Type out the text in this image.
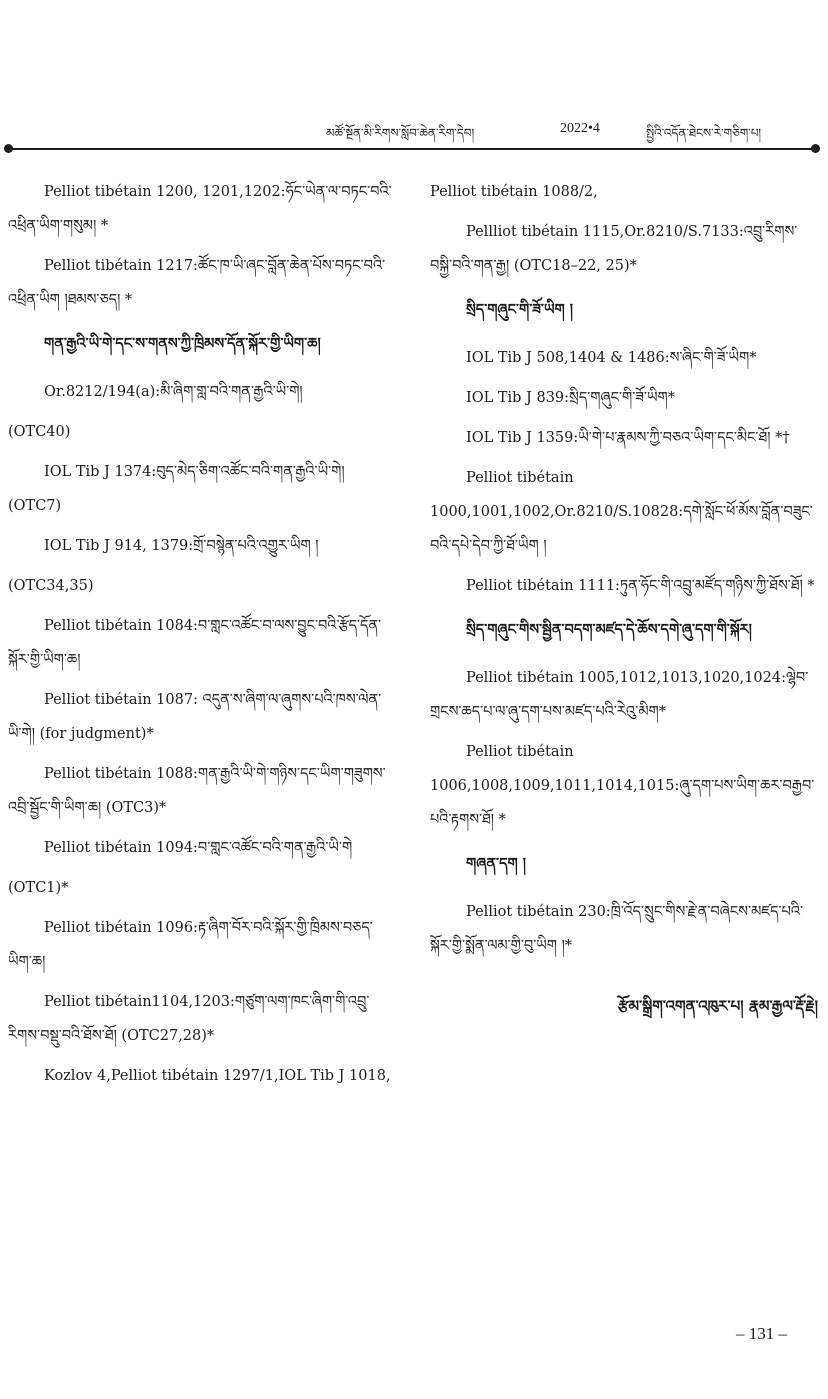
མཚོ་སྔོན་མི་རིགས་སློབ་ཆེན་རིག་དེབ།	2022•4	སྤྱིའི་འདོན་ཐེངས་རེ་གཅིག་པ།

Pelliot tibétain 1200, 1201,1202:ཧོང་ཡེན་ལ་བཏང་བའི་འཕྲིན་ཡིག་གསུམ། *

Pelliot tibétain 1217:ཚོང་ཁ་ཡི་ཞང་བློན་ཆེན་པོས་བཏང་བའི་འཕྲིན་ཡིག །ཐམས་ཅད། *

གན་རྒྱའི་ཡི་གེ་དང་ས་གནས་ཀྱི་ཁྲིམས་དོན་སྐོར་གྱི་ཡིག་ཆ།

Or.8212/194(a):མི་ཞིག་གླ་བའི་གན་རྒྱའི་ཡི་གེ།

(OTC40)

IOL Tib J 1374:བུད་མེད་ཅིག་འཚོང་བའི་གན་རྒྱའི་ཡི་གེ། (OTC7)

IOL Tib J 914, 1379:གྲོ་བསྙེན་པའི་འགྱུར་ཡིག །

(OTC34,35)

Pelliot tibétain 1084:བ་གླང་འཚོང་བ་ལས་བྱུང་བའི་རྩོད་དོན་སྐོར་གྱི་ཡིག་ཆ།

Pelliot tibétain 1087: འདུན་ས་ཞིག་ལ་ཞུགས་པའི་ཁས་ལེན་ཡི་གེ། (for judgment)*

Pelliot tibétain 1088:གན་རྒྱའི་ཡི་གེ་གཉིས་དང་ཡིག་གཟུགས་འབྲི་སྦྱོང་གི་ཡིག་ཆ། (OTC3)*

Pelliot tibétain 1094:བ་གླང་འཚོང་བའི་གན་རྒྱའི་ཡི་གེ

(OTC1)*

Pelliot tibétain 1096:རྟ་ཞིག་བོར་བའི་སྐོར་གྱི་ཁྲིམས་བཅད་ཡིག་ཆ།

Pelliot tibétain1104,1203:གཙུག་ལག་ཁང་ཞིག་གི་འབྲུ་རིགས་བསྡུ་བའི་ཐོས་ཐོ། (OTC27,28)*

Kozlov 4,Pelliot tibétain 1297/1,IOL Tib J 1018,

Pelliot tibétain 1088/2,

Pellliot tibétain 1115,Or.8210/S.7133:འབྲུ་རིགས་བསྐྱི་བའི་གན་རྒྱ། (OTC18–22, 25)*

སྲིད་གཞུང་གི་ཟོ་ཡིག །

IOL Tib J 508,1404 & 1486:ས་ཞིང་གི་ཟོ་ཡིག*

IOL Tib J 839:སྲིད་གཞུང་གི་ཟོ་ཡིག*

IOL Tib J 1359:ཡི་གེ་པ་རྣམས་ཀྱི་བཅའ་ཡིག་དང་མིང་ཐོ། *†

Pelliot tibétain 1000,1001,1002,Or.8210/S.10828:དགེ་སློང་ཕོ་མོས་བློན་བཟུང་བའི་དཔེ་དེབ་ཀྱི་ཐོ་ཡིག །

Pelliot tibétain 1111:ཏུན་ཧོང་གི་འབྲུ་མཛོད་གཉིས་ཀྱི་ཐོས་ཐོ། *

སྲིད་གཞུང་གིས་སྦྱིན་བདག་མཛད་དེ་ཆོས་དགེ་ཞུ་དག་གི་སྐོར།

Pelliot tibétain 1005,1012,1013,1020,1024:ལྷེབ་གྲངས་ཆད་པ་ལ་ཞུ་དག་པས་མཛད་པའི་རེའུ་མིག*

Pelliot tibétain 1006,1008,1009,1011,1014,1015:ཞུ་དག་པས་ཡིག་ཆར་བརྒྱབ་པའི་རྟགས་ཐོ། *

གཞན་དག །

Pelliot tibétain 230:ཁྲི་འོད་སྲུང་གིས་རྗེ་ན་བཞེངས་མཛད་པའི་སྐོར་གྱི་སྨོན་ལམ་གྱི་བུ་ཡིག །*

རྩོམ་སྒྲིག་འགན་འཁུར་པ། རྣམ་རྒྱལ་རྡོ་རྗེ།

– 131 –
